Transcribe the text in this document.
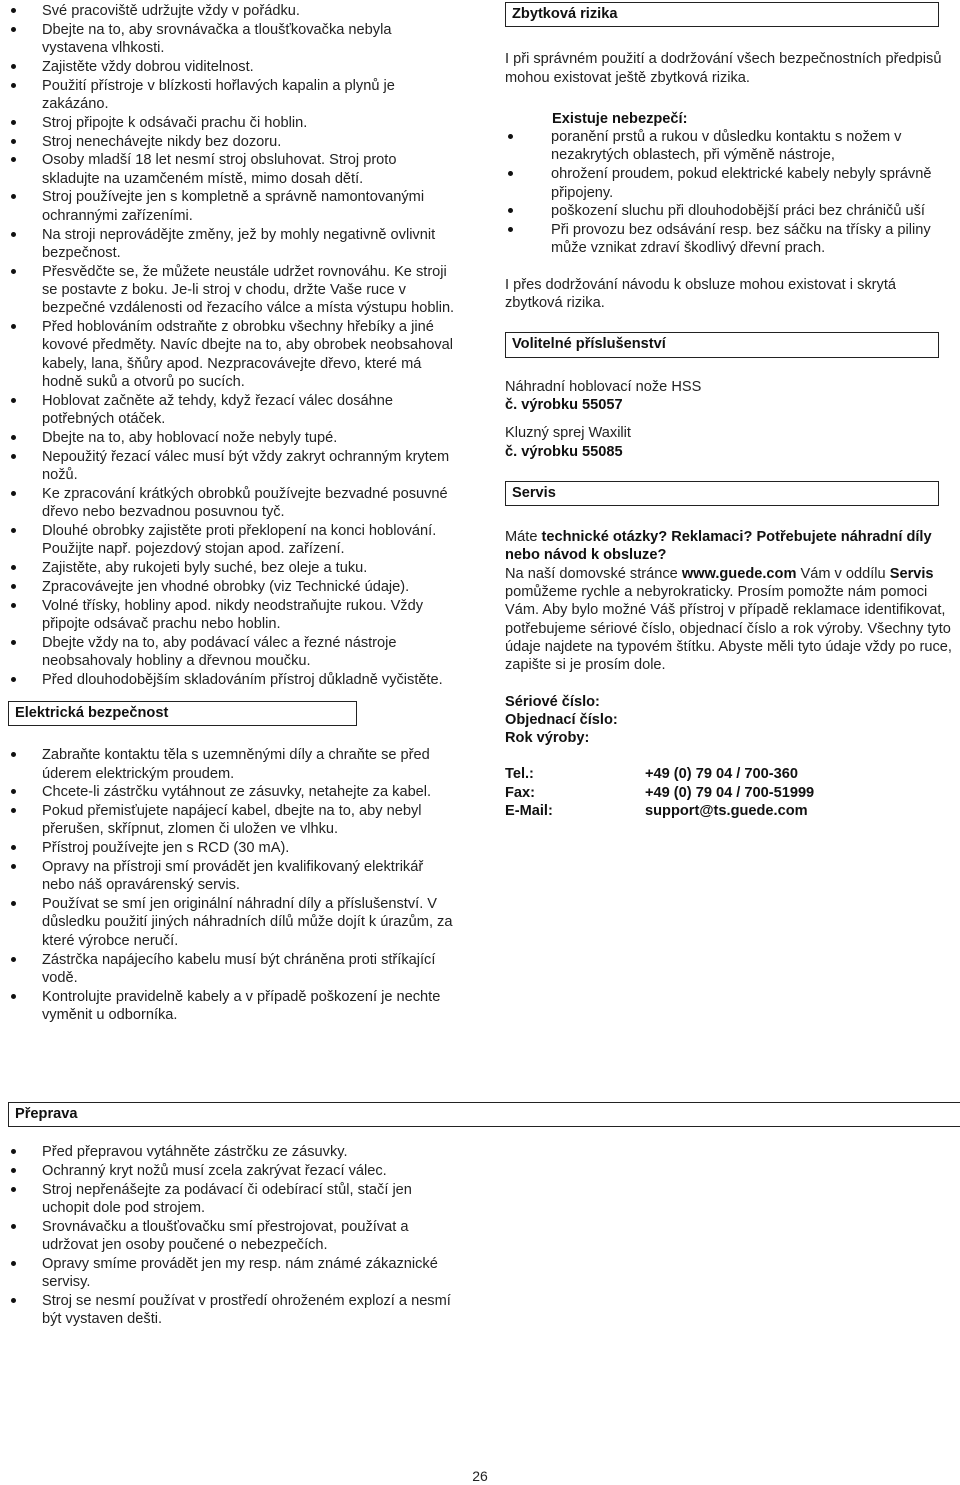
Své pracoviště udržujte vždy v pořádku.
Dbejte na to, aby srovnávačka a tloušťkovačka nebyla vystavena vlhkosti.
Zajistěte vždy dobrou viditelnost.
Použití přístroje v blízkosti hořlavých kapalin a plynů je zakázáno.
Stroj připojte k odsávači prachu či hoblin.
Stroj nenechávejte nikdy bez dozoru.
Osoby mladší 18 let nesmí stroj obsluhovat. Stroj proto skladujte na uzamčeném místě, mimo dosah dětí.
Stroj používejte jen s kompletně a správně namontovanými ochrannými zařízeními.
Na stroji neprovádějte změny, jež by mohly negativně ovlivnit bezpečnost.
Přesvědčte se, že můžete neustále udržet rovnováhu. Ke stroji se postavte z boku. Je-li stroj v chodu, držte Vaše ruce v bezpečné vzdálenosti od řezacího válce a místa výstupu hoblin.
Před hoblováním odstraňte z obrobku všechny hřebíky a jiné kovové předměty. Navíc dbejte na to, aby obrobek neobsahoval kabely, lana, šňůry apod. Nezpracovávejte dřevo, které má hodně suků a otvorů po sucích.
Hoblovat začněte až tehdy, když řezací válec dosáhne potřebných otáček.
Dbejte na to, aby hoblovací nože nebyly tupé.
Nepoužitý řezací válec musí být vždy zakryt ochranným krytem nožů.
Ke zpracování krátkých obrobků používejte bezvadné posuvné dřevo nebo bezvadnou posuvnou tyč.
Dlouhé obrobky zajistěte proti překlopení na konci hoblování. Použijte např. pojezdový stojan apod. zařízení.
Zajistěte, aby rukojeti byly suché, bez oleje a tuku.
Zpracovávejte jen vhodné obrobky (viz Technické údaje).
Volné třísky, hobliny apod. nikdy neodstraňujte rukou. Vždy připojte odsávač prachu nebo hoblin.
Dbejte vždy na to, aby podávací válec a řezné nástroje neobsahovaly hobliny a dřevnou moučku.
Před dlouhodobějším skladováním přístroj důkladně vyčistěte.
Elektrická bezpečnost
Zabraňte kontaktu těla s uzemněnými díly a chraňte se před úderem elektrickým proudem.
Chcete-li zástrčku vytáhnout ze zásuvky, netahejte za kabel.
Pokud přemisťujete napájecí kabel, dbejte na to, aby nebyl přerušen, skřípnut, zlomen či uložen ve vlhku.
Přístroj používejte jen s RCD (30 mA).
Opravy na přístroji smí provádět jen kvalifikovaný elektrikář nebo náš opravárenský servis.
Používat se smí jen originální náhradní díly a příslušenství. V důsledku použití jiných náhradních dílů může dojít k úrazům, za které výrobce neručí.
Zástrčka napájecího kabelu musí být chráněna proti stříkající vodě.
Kontrolujte pravidelně kabely a v případě poškození je nechte vyměnit u odborníka.
Přeprava
Před přepravou vytáhněte zástrčku ze zásuvky.
Ochranný kryt nožů musí zcela zakrývat řezací válec.
Stroj nepřenášejte za podávací či odebírací stůl, stačí jen uchopit dole pod strojem.
Srovnávačku a tloušťovačku smí přestrojovat, používat a udržovat jen osoby poučené o nebezpečích.
Opravy smíme provádět jen my resp. nám známé zákaznické servisy.
Stroj se nesmí používat v prostředí ohroženém explozí a nesmí být vystaven dešti.
Zbytková rizika

I při správném použití a dodržování všech bezpečnostních předpisů mohou existovat ještě zbytková rizika.

Existuje nebezpečí:

poranění prstů a rukou v důsledku kontaktu s nožem v nezakrytých oblastech, při výměně nástroje,
ohrožení proudem, pokud elektrické kabely nebyly správně připojeny.
poškození sluchu při dlouhodobější práci bez chráničů uší
Při provozu bez odsávání resp. bez sáčku na třísky a piliny může vznikat zdraví škodlivý dřevní prach.

I přes dodržování návodu k obsluze mohou existovat i skrytá zbytková rizika.

Volitelné příslušenství

Náhradní hoblovací nože HSS

č. výrobku 55057

Kluzný sprej Waxilit

č. výrobku 55085

Servis

Máte technické otázky? Reklamaci? Potřebujete náhradní díly nebo návod k obsluze?

Na naší domovské stránce www.guede.com Vám v oddílu Servis pomůžeme rychle a nebyrokraticky. Prosím pomožte nám pomoci Vám. Aby bylo možné Váš přístroj v případě reklamace identifikovat, potřebujeme sériové číslo, objednací číslo a rok výroby. Všechny tyto údaje najdete na typovém štítku. Abyste měli tyto údaje vždy po ruce, zapište si je prosím dole.

Sériové číslo:

Objednací číslo:

Rok výroby:

Tel.:	+49 (0) 79 04 / 700-360
Fax:	+49 (0) 79 04 / 700-51999
E-Mail:	support@ts.guede.com
26
